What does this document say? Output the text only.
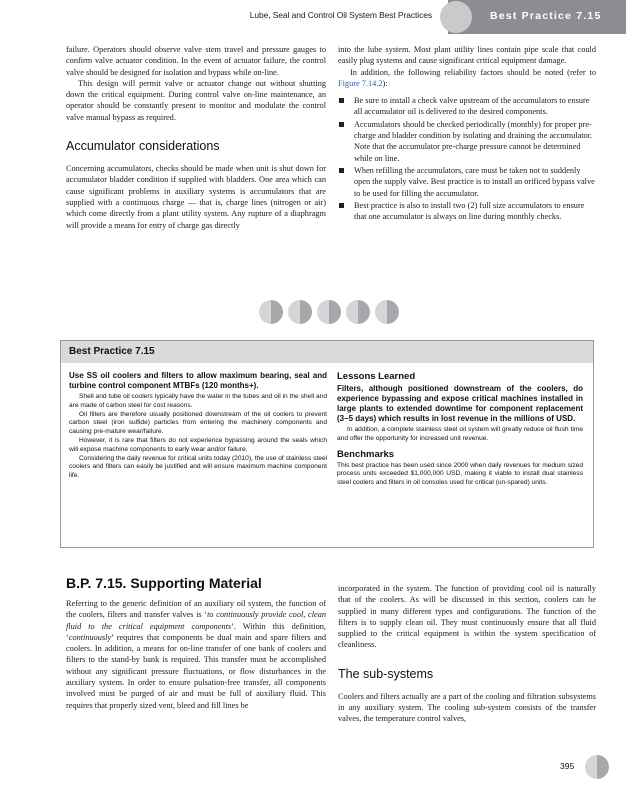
Lube, Seal and Control Oil System Best Practices	Best Practice 7.15

failure. Operators should observe valve stem travel and pressure gauges to confirm valve actuator condition. In the event of actuator failure, the control valve should be designed for isolation and bypass while on-line.

This design will permit valve or actuator change out without shutting down the critical equipment. During control valve on-line maintenance, an operator should be constantly present to monitor and modulate the control valve manual bypass as required.

Accumulator considerations

Concerning accumulators, checks should be made when unit is shut down for accumulator bladder condition if supplied with bladders. One area which can cause significant problems in auxiliary systems is accumulators that are supplied with a continuous charge — that is, charge lines (nitrogen or air) which come directly from a plant utility system. Any rupture of a diaphragm will provide a means for entry of charge gas directly

into the lube system. Most plant utility lines contain pipe scale that could easily plug systems and cause significant critical equipment damage.

In addition, the following reliability factors should be noted (refer to Figure 7.14.2):

Be sure to install a check valve upstream of the accumulators to ensure all accumulator oil is delivered to the desired components.
Accumulators should be checked periodically (monthly) for proper pre-charge and bladder condition by isolating and draining the accumulator. Note that the accumulator pre-charge pressure cannot be determined while on line.
When refilling the accumulators, care must be taken not to suddenly open the supply valve. Best practice is to install an orificed bypass valve to be used for filling the accumulator.
Best practice is also to install two (2) full size accumulators to ensure that one accumulator is always on line during monthly checks.
Best Practice 7.15

Use SS oil coolers and filters to allow maximum bearing, seal and turbine control component MTBFs (120 months+).

Shell and tube oil coolers typically have the water in the tubes and oil in the shell and are made of carbon steel for cost reasons.

Oil filters are therefore usually positioned downstream of the oil coolers to prevent carbon steel (iron sulfide) particles from entering the machinery components and causing pre-mature wear/failure.

However, it is rare that filters do not experience bypassing around the seals which will expose machine components to early wear and/or failure.

Considering the daily revenue for critical units today (2010), the use of stainless steel coolers and filters can easily be justified and will ensure maximum machine component life.

Lessons Learned

Filters, although positioned downstream of the coolers, do experience bypassing and expose critical machines installed in large plants to extended downtime for component replacement (3–5 days) which results in lost revenue in the millions of USD.

In addition, a complete stainless steel oil system will greatly reduce oil flush time and offer the opportunity for increased unit revenue.

Benchmarks

This best practice has been used since 2000 when daily revenues for medium sized process units exceeded $1,000,000 USD, making it viable to install dual stainless steel coolers and filters in oil consoles used for critical (un-spared) units.

B.P. 7.15. Supporting Material

Referring to the generic definition of an auxiliary oil system, the function of the coolers, filters and transfer valves is ‘to continuously provide cool, clean fluid to the critical equipment components’. Within this definition, ‘continuously’ requires that components be dual main and spare filters and coolers. In addition, a means for on-line transfer of one bank of coolers and filters to the stand-by bank is required. This transfer must be accomplished without any significant pressure fluctuations, or flow disturbances in the auxiliary system. In order to ensure pulsation-free transfer, all components involved must be purged of air and must be full of auxiliary fluid. This requires that properly sized vent, bleed and fill lines be

incorporated in the system. The function of providing cool oil is naturally that of the coolers. As will be discussed in this section, coolers can be supplied in many different types and configurations. The function of the filters is to supply clean oil. They must continuously ensure that all fluid supplied to the critical equipment is within the system specification of cleanliness.

The sub-systems

Coolers and filters actually are a part of the cooling and filtration subsystems in any auxiliary system. The cooling sub-system consists of the transfer valves, the temperature control valves,

395
